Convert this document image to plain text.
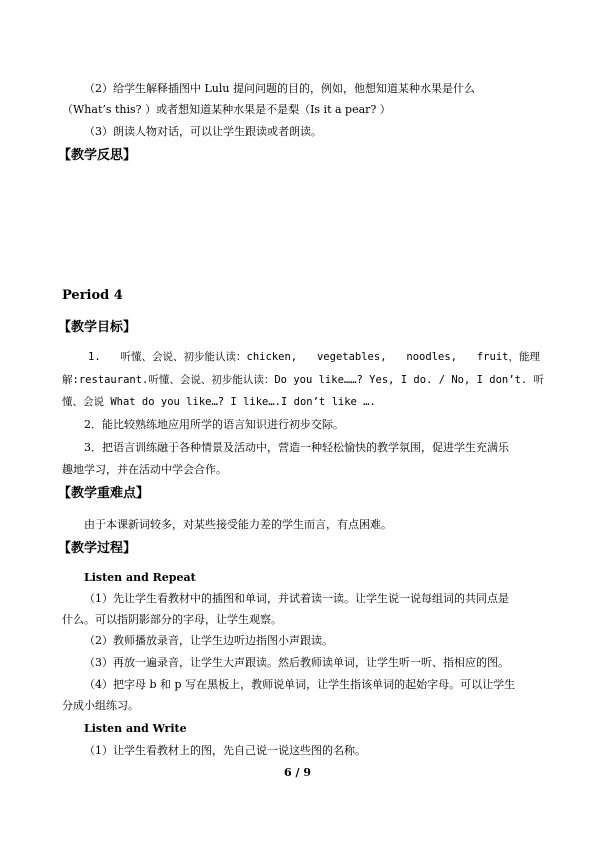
（2）给学生解释插图中 Lulu 提问问题的目的，例如，他想知道某种水果是什么
（What’s this? ）或者想知道某种水果是不是梨（Is it a pear? ）
（3）朗读人物对话，可以让学生跟读或者朗读。
【教学反思】
Period 4
【教学目标】
1. 听懂、会说、初步能认读：chicken, vegetables, noodles, fruit，能理
解:restaurant.听懂、会说、初步能认读：Do you like……? Yes, I do. / No, I don’t. 听
懂、会说 What do you like…? I like….I don’t like ….
2．能比较熟练地应用所学的语言知识进行初步交际。
3．把语言训练融于各种情景及活动中，营造一种轻松愉快的教学氛围，促进学生充满乐
趣地学习，并在活动中学会合作。
【教学重难点】
由于本课新词较多，对某些接受能力差的学生而言，有点困难。
【教学过程】
Listen and Repeat
（1）先让学生看教材中的插图和单词，并试着读一读。让学生说一说每组词的共同点是
什么。可以指阴影部分的字母，让学生观察。
（2）教师播放录音，让学生边听边指图小声跟读。
（3）再放一遍录音，让学生大声跟读。然后教师读单词，让学生听一听、指相应的图。
（4）把字母 b 和 p 写在黑板上，教师说单词，让学生指该单词的起始字母。可以让学生
分成小组练习。
Listen and Write
（1）让学生看教材上的图，先自己说一说这些图的名称。
6 / 9
